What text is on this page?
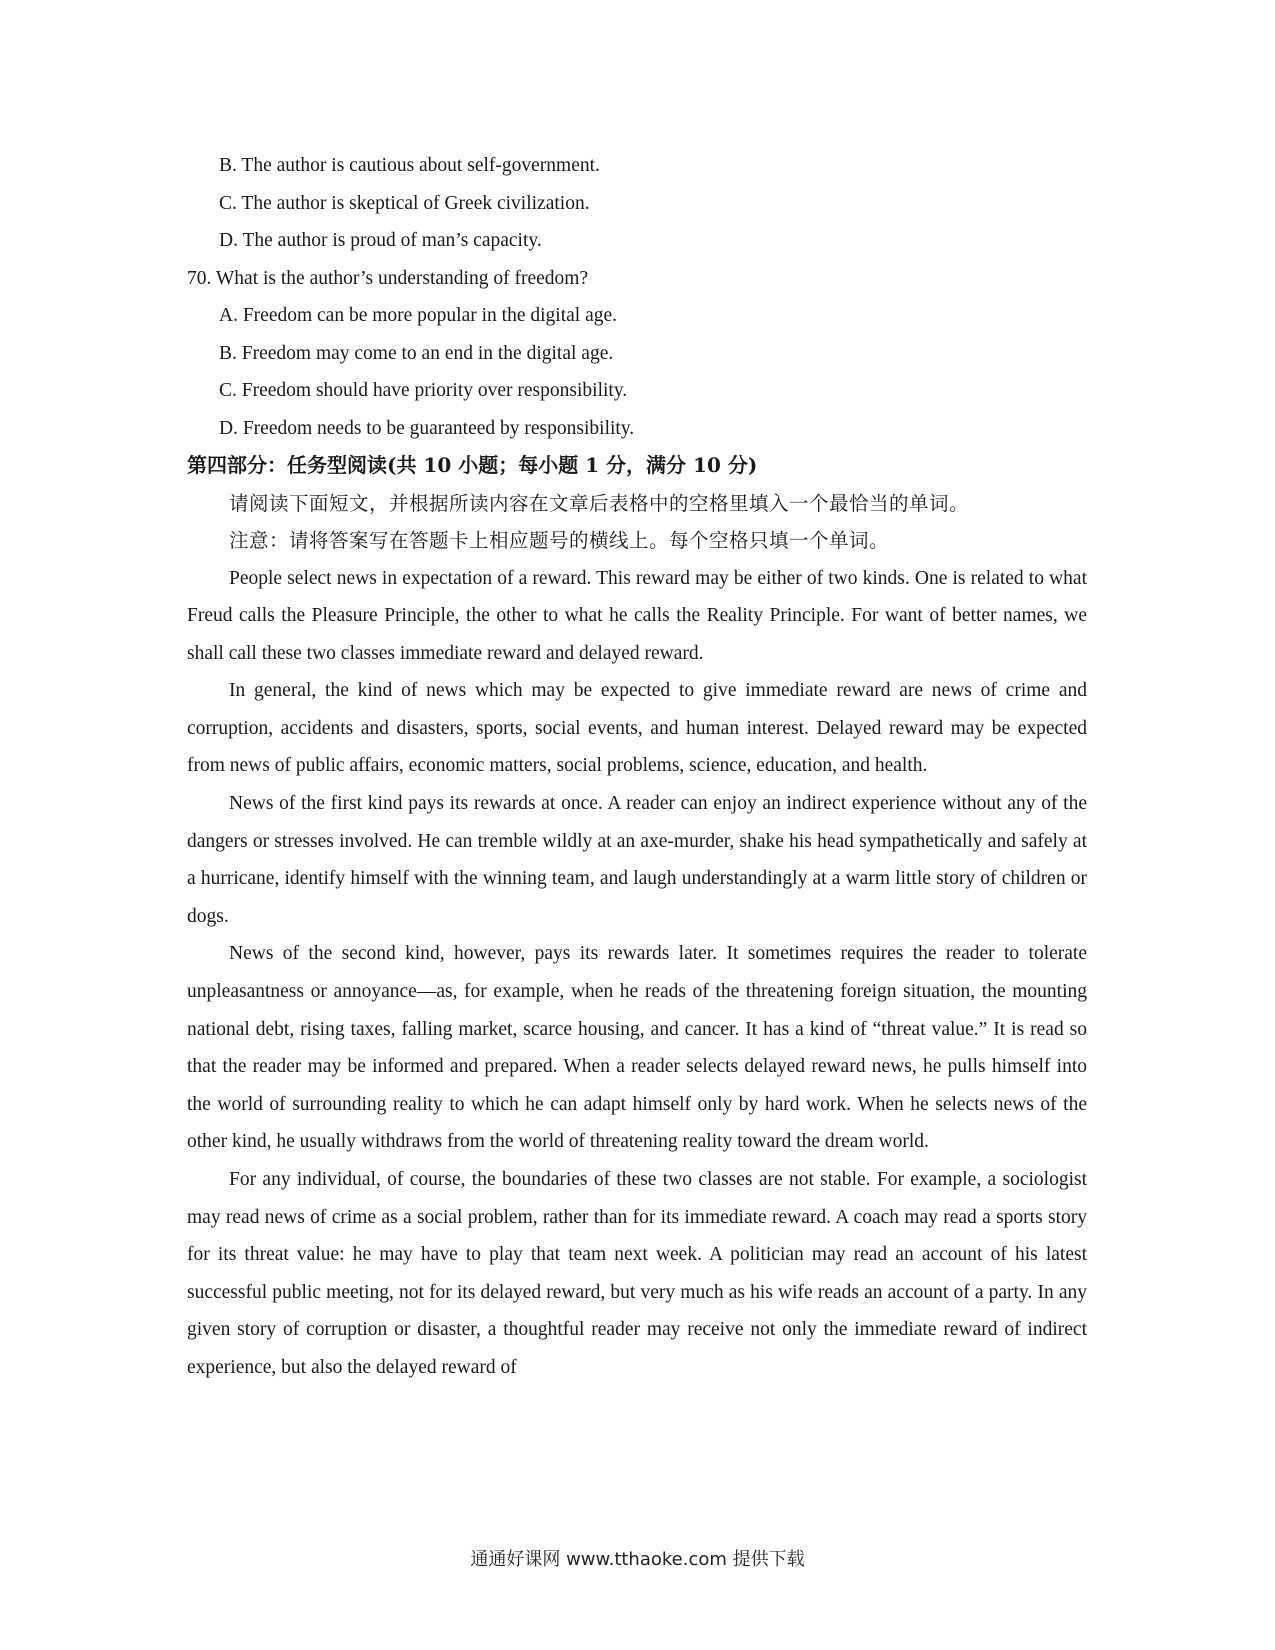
B. The author is cautious about self-government.
C. The author is skeptical of Greek civilization.
D. The author is proud of man’s capacity.
70. What is the author’s understanding of freedom?
A. Freedom can be more popular in the digital age.
B. Freedom may come to an end in the digital age.
C. Freedom should have priority over responsibility.
D. Freedom needs to be guaranteed by responsibility.
第四部分：任务型阅读(共 10 小题；每小题 1 分，满分 10 分)
请阅读下面短文，并根据所读内容在文章后表格中的空格里填入一个最恰当的单词。
注意：请将答案写在答题卡上相应题号的横线上。每个空格只填一个单词。

People select news in expectation of a reward. This reward may be either of two kinds. One is related to what Freud calls the Pleasure Principle, the other to what he calls the Reality Principle. For want of better names, we shall call these two classes immediate reward and delayed reward.

In general, the kind of news which may be expected to give immediate reward are news of crime and corruption, accidents and disasters, sports, social events, and human interest. Delayed reward may be expected from news of public affairs, economic matters, social problems, science, education, and health.

News of the first kind pays its rewards at once. A reader can enjoy an indirect experience without any of the dangers or stresses involved. He can tremble wildly at an axe-murder, shake his head sympathetically and safely at a hurricane, identify himself with the winning team, and laugh understandingly at a warm little story of children or dogs.

News of the second kind, however, pays its rewards later. It sometimes requires the reader to tolerate unpleasantness or annoyance—as, for example, when he reads of the threatening foreign situation, the mounting national debt, rising taxes, falling market, scarce housing, and cancer. It has a kind of “threat value.” It is read so that the reader may be informed and prepared. When a reader selects delayed reward news, he pulls himself into the world of surrounding reality to which he can adapt himself only by hard work. When he selects news of the other kind, he usually withdraws from the world of threatening reality toward the dream world.

For any individual, of course, the boundaries of these two classes are not stable. For example, a sociologist may read news of crime as a social problem, rather than for its immediate reward. A coach may read a sports story for its threat value: he may have to play that team next week. A politician may read an account of his latest successful public meeting, not for its delayed reward, but very much as his wife reads an account of a party. In any given story of corruption or disaster, a thoughtful reader may receive not only the immediate reward of indirect experience, but also the delayed reward of

通通好课网 www.tthaoke.com 提供下载
